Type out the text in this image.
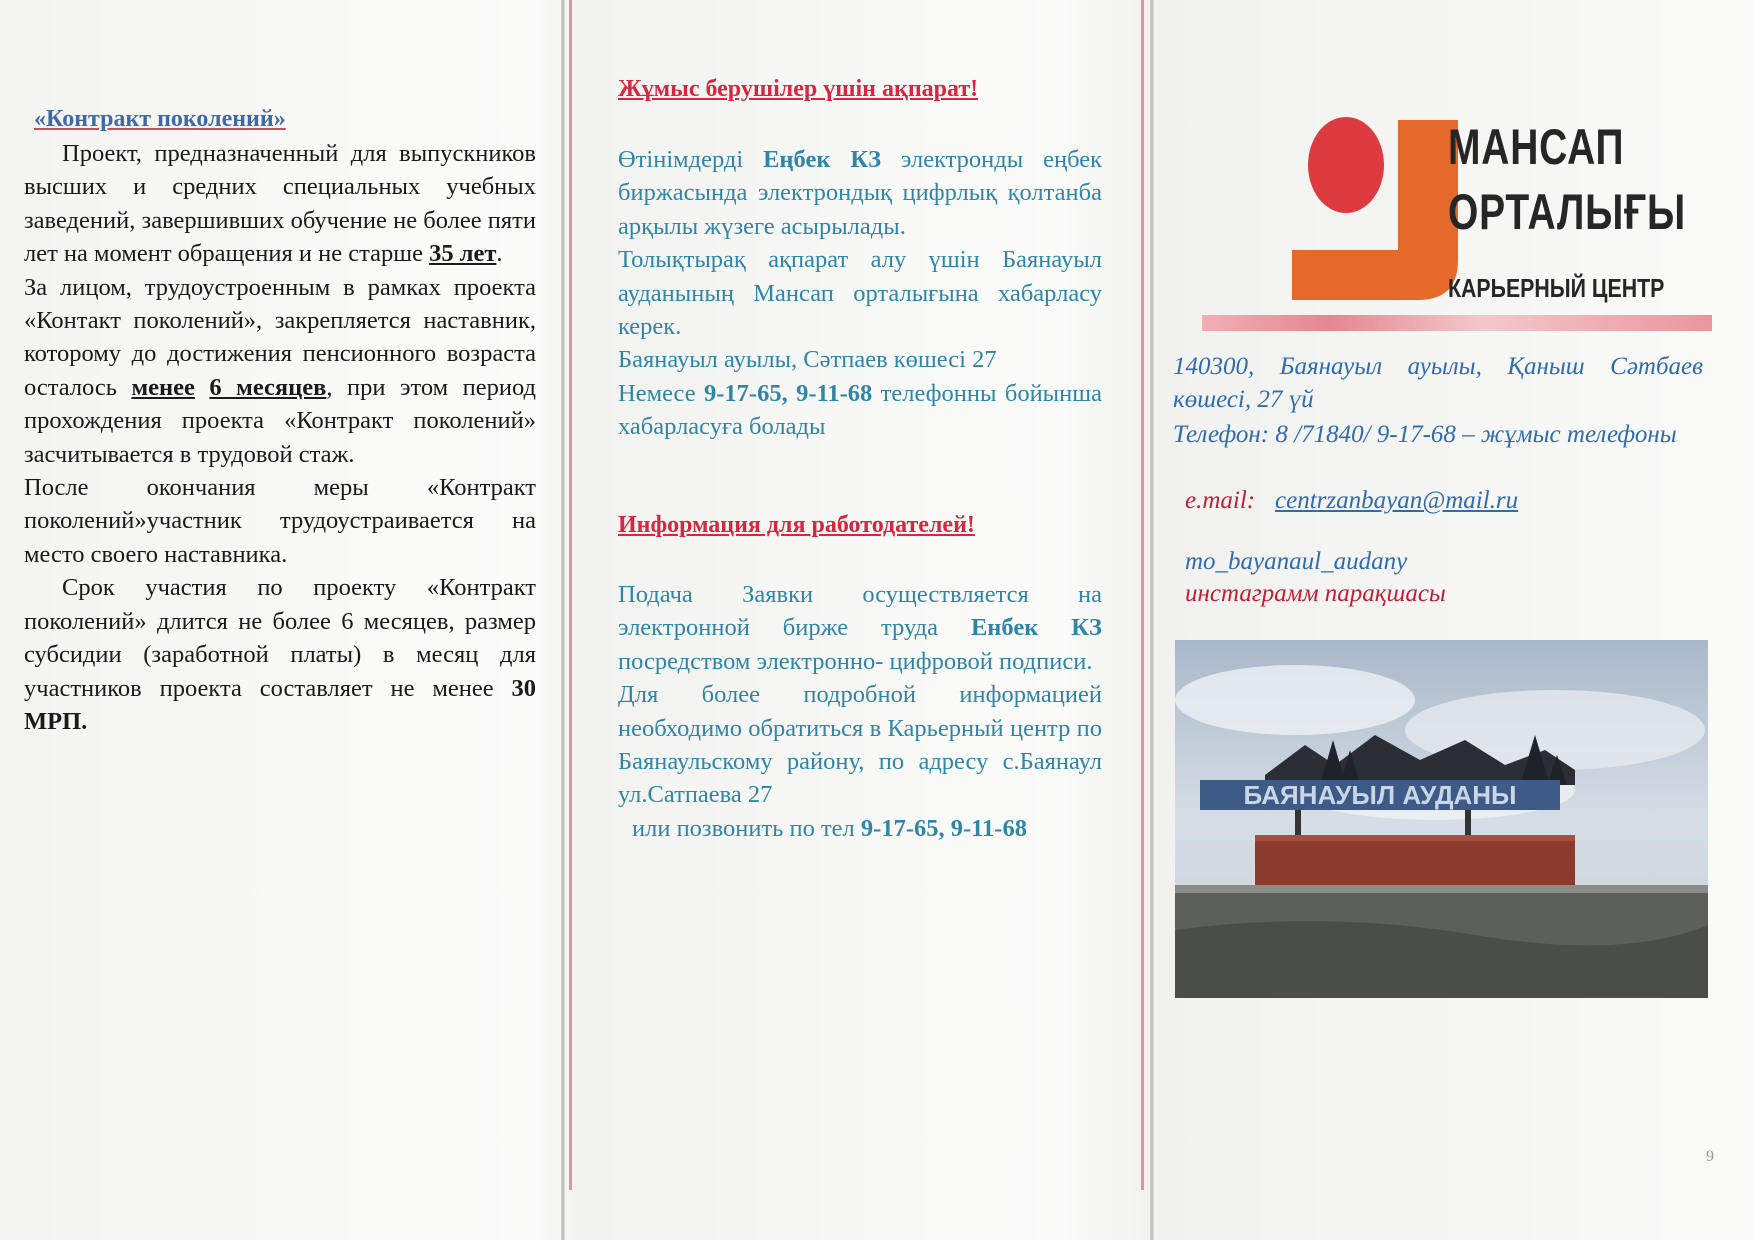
«Контракт поколений»

Проект, предназначенный для выпускников высших и средних специальных учебных заведений, завершивших обучение не более пяти лет на момент обращения и не старше 35 лет.

За лицом, трудоустроенным в рамках проекта «Контакт поколений», закрепляется наставник, которому до достижения пенсионного возраста осталось менее 6 месяцев, при этом период прохождения проекта «Контракт поколений» засчитывается в трудовой стаж.

После окончания меры «Контракт поколений»участник трудоустраивается на место своего наставника.

Срок участия по проекту «Контракт поколений» длится не более 6 месяцев, размер субсидии (заработной платы) в месяц для участников проекта составляет не менее 30 МРП.

Жұмыс берушілер үшін ақпарат!

Өтінімдерді Еңбек КЗ электронды еңбек биржасында электрондық цифрлық қолтанба арқылы жүзеге асырылады.

Толықтырақ ақпарат алу үшін Баянауыл ауданының Мансап орталығына хабарласу керек.

Баянауыл ауылы, Сәтпаев көшесі 27

Немесе 9-17-65, 9-11-68 телефонны бойынша хабарласуға болады

Информация для работодателей!

Подача Заявки осуществляется на электронной бирже труда Енбек КЗ посредством электронно- цифровой подписи.

Для более подробной информацией необходимо обратиться в Карьерный центр по Баянаульскому району, по адресу с.Баянаул ул.Сатпаева 27

или позвонить по тел 9-17-65, 9-11-68

МАНСАП
ОРТАЛЫҒЫ
КАРЬЕРНЫЙ ЦЕНТР
140300, Баянауыл ауылы, Қаныш Сәтбаев көшесі, 27 үй
Телефон: 8 /71840/ 9-17-68 – жұмыс телефоны
e.mail: centrzanbayan@mail.ru
mo_bayanaul_audany
инстаграмм парақшасы
БАЯНАУЫЛ АУДАНЫ
9
